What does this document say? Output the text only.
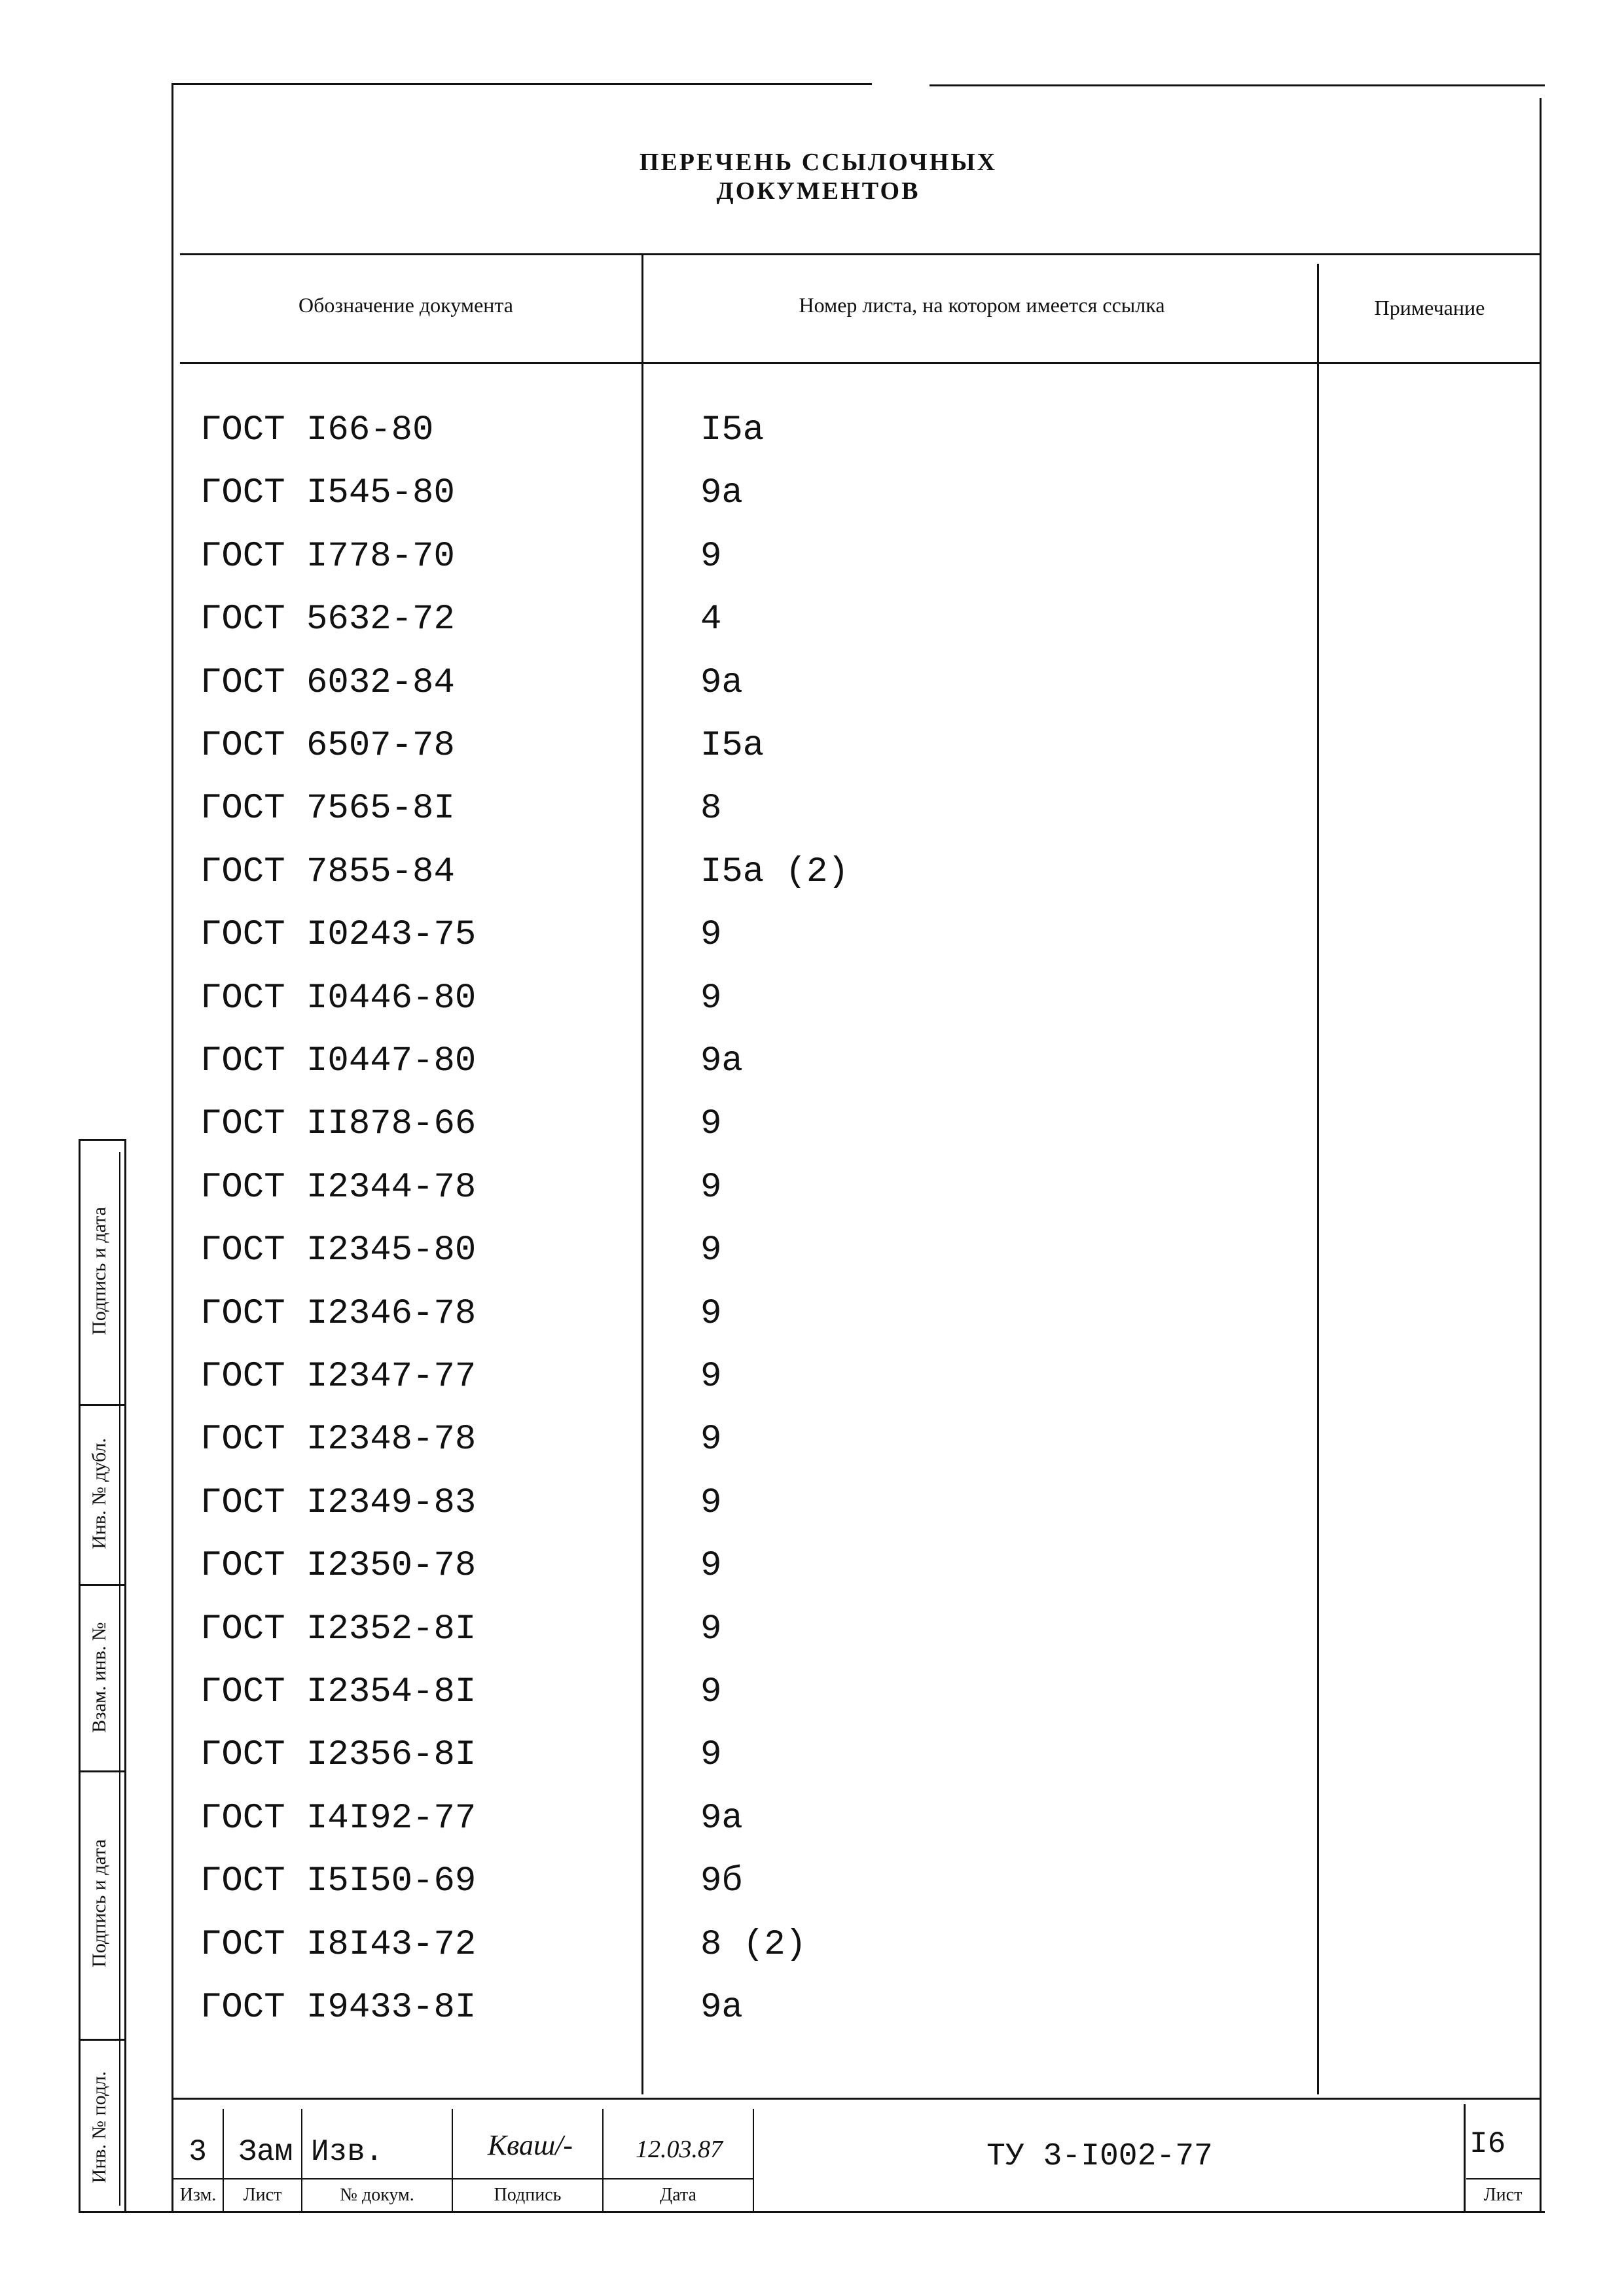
ПЕРЕЧЕНЬ ССЫЛОЧНЫХ ДОКУМЕНТОВ
Обозначение документа	Номер листа, на котором имеется ссылка	Примечание
ГОСТ I66-80	I5a
ГОСТ I545-80	9a
ГОСТ I778-70	9
ГОСТ 5632-72	4
ГОСТ 6032-84	9a
ГОСТ 6507-78	I5a
ГОСТ 7565-8I	8
ГОСТ 7855-84	I5a (2)
ГОСТ I0243-75	9
ГОСТ I0446-80	9
ГОСТ I0447-80	9a
ГОСТ II878-66	9
ГОСТ I2344-78	9
ГОСТ I2345-80	9
ГОСТ I2346-78	9
ГОСТ I2347-77	9
ГОСТ I2348-78	9
ГОСТ I2349-83	9
ГОСТ I2350-78	9
ГОСТ I2352-8I	9
ГОСТ I2354-8I	9
ГОСТ I2356-8I	9
ГОСТ I4I92-77	9a
ГОСТ I5I50-69	9б
ГОСТ I8I43-72	8 (2)
ГОСТ I9433-8I	9a
Подпись и дата
Инв. № дубл.
Взам. инв. №
Подпись и дата
Инв. № подл.	3	Зам Изв.	Кваш/-	12.03.87
Изм.	Лист	№ докум.	Подпись	Дата
ТУ 3-I002-77	I6
Лист
